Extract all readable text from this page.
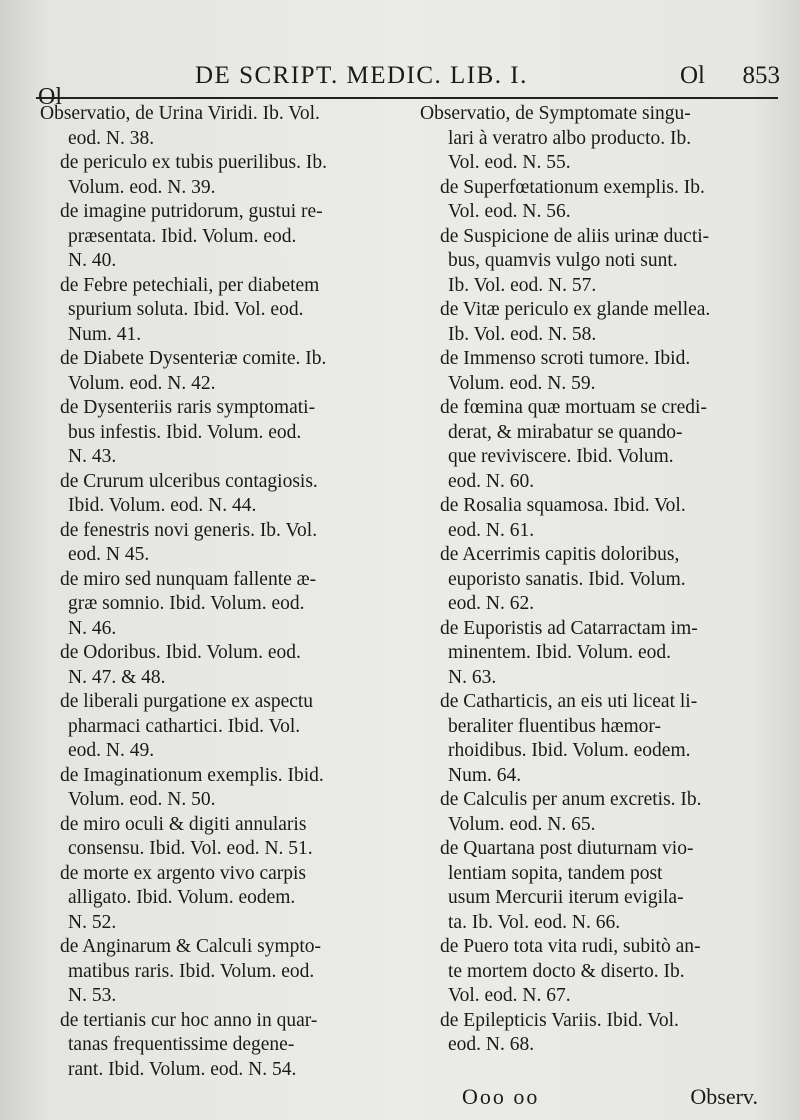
DE SCRIPT. MEDIC. LIB. I.	Ol 853
Ol
Observatio, de Urina Viridi. Ib. Vol.
eod. N. 38.
de periculo ex tubis puerilibus. Ib.
Volum. eod. N. 39.
de imagine putridorum, gustui re-
præsentata. Ibid. Volum. eod.
N. 40.
de Febre petechiali, per diabetem
spurium soluta. Ibid. Vol. eod.
Num. 41.
de Diabete Dysenteriæ comite. Ib.
Volum. eod. N. 42.
de Dysenteriis raris symptomati-
bus infestis. Ibid. Volum. eod.
N. 43.
de Crurum ulceribus contagiosis.
Ibid. Volum. eod. N. 44.
de fenestris novi generis. Ib. Vol.
eod. N 45.
de miro sed nunquam fallente æ-
græ somnio. Ibid. Volum. eod.
N. 46.
de Odoribus. Ibid. Volum. eod.
N. 47. & 48.
de liberali purgatione ex aspectu
pharmaci cathartici. Ibid. Vol.
eod. N. 49.
de Imaginationum exemplis. Ibid.
Volum. eod. N. 50.
de miro oculi & digiti annularis
consensu. Ibid. Vol. eod. N. 51.
de morte ex argento vivo carpis
alligato. Ibid. Volum. eodem.
N. 52.
de Anginarum & Calculi sympto-
matibus raris. Ibid. Volum. eod.
N. 53.
de tertianis cur hoc anno in quar-
tanas frequentissime degene-
rant. Ibid. Volum. eod. N. 54.
Observatio, de Symptomate singu-
lari à veratro albo producto. Ib.
Vol. eod. N. 55.
de Superfœtationum exemplis. Ib.
Vol. eod. N. 56.
de Suspicione de aliis urinæ ducti-
bus, quamvis vulgo noti sunt.
Ib. Vol. eod. N. 57.
de Vitæ periculo ex glande mellea.
Ib. Vol. eod. N. 58.
de Immenso scroti tumore. Ibid.
Volum. eod. N. 59.
de fœmina quæ mortuam se credi-
derat, & mirabatur se quando-
que reviviscere. Ibid. Volum.
eod. N. 60.
de Rosalia squamosa. Ibid. Vol.
eod. N. 61.
de Acerrimis capitis doloribus,
euporisto sanatis. Ibid. Volum.
eod. N. 62.
de Euporistis ad Catarractam im-
minentem. Ibid. Volum. eod.
N. 63.
de Catharticis, an eis uti liceat li-
beraliter fluentibus hæmor-
rhoidibus. Ibid. Volum. eodem.
Num. 64.
de Calculis per anum excretis. Ib.
Volum. eod. N. 65.
de Quartana post diuturnam vio-
lentiam sopita, tandem post
usum Mercurii iterum evigila-
ta. Ib. Vol. eod. N. 66.
de Puero tota vita rudi, subitò an-
te mortem docto & diserto. Ib.
Vol. eod. N. 67.
de Epilepticis Variis. Ibid. Vol.
eod. N. 68.
Ooo oo	Observ.
